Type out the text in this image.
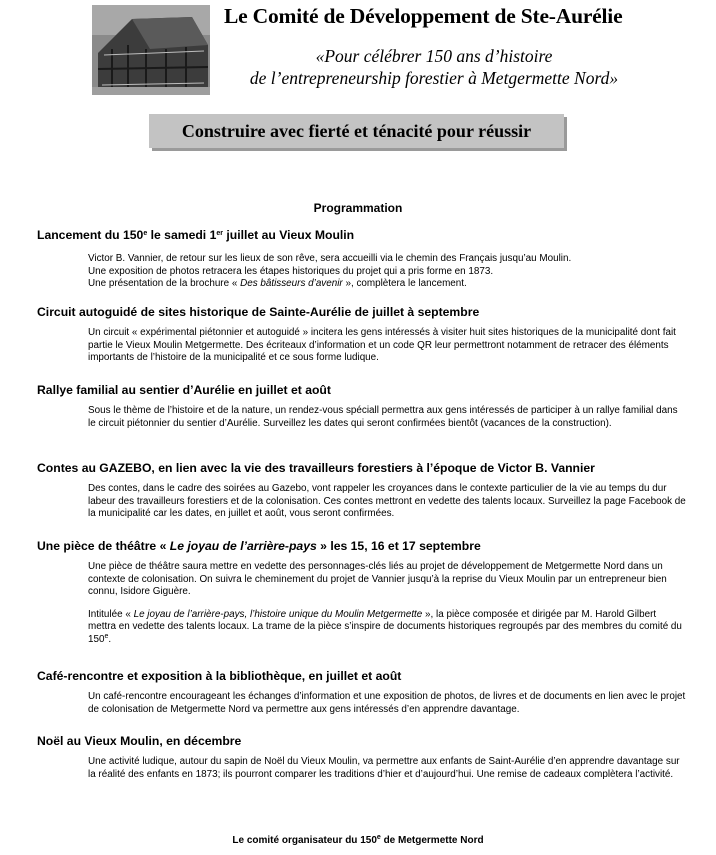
Le Comité de Développement de Ste-Aurélie
«Pour célébrer 150 ans d’histoire
de l’entrepreneurship forestier à Metgermette Nord»
Construire avec fierté et ténacité pour réussir
Programmation
Lancement du 150e le samedi 1er juillet au Vieux Moulin
Victor B. Vannier, de retour sur les lieux de son rêve, sera accueilli via le chemin des Français jusqu’au Moulin.
Une exposition de photos retracera les étapes historiques du projet qui a pris forme en 1873.
Une présentation de la brochure « Des bâtisseurs d’avenir », complètera le lancement.
Circuit autoguidé de sites historique de Sainte-Aurélie de juillet à septembre
Un circuit « expérimental piétonnier et autoguidé » incitera les gens intéressés à visiter huit sites historiques de la municipalité dont fait partie le Vieux Moulin Metgermette. Des écriteaux d’information et un code QR leur permettront notamment de retracer des éléments importants de l’histoire de la municipalité et ce sous forme ludique.
Rallye familial au sentier d’Aurélie en juillet et août
Sous le thème de l’histoire et de la nature, un rendez-vous spéciall permettra aux gens intéressés de participer à un rallye familial dans le circuit piétonnier du sentier d’Aurélie. Surveillez les dates qui seront confirmées bientôt (vacances de la construction).
Contes au GAZEBO, en lien avec la vie des travailleurs forestiers à l’époque de Victor B. Vannier
Des contes, dans le cadre des soirées au Gazebo, vont rappeler les croyances dans le contexte particulier de la vie au temps du dur labeur des travailleurs forestiers et de la colonisation. Ces contes mettront en vedette des talents locaux. Surveillez la page Facebook de la municipalité car les dates, en juillet et août, vous seront confirmées.
Une pièce de théâtre « Le joyau de l’arrière-pays » les 15, 16 et 17 septembre
Une pièce de théâtre saura mettre en vedette des personnages-clés liés au projet de développement de Metgermette Nord dans un contexte de colonisation. On suivra le cheminement du projet de Vannier jusqu’à la reprise du Vieux Moulin par un entrepreneur bien connu, Isidore Giguère.
Intitulée « Le joyau de l’arrière-pays, l’histoire unique du Moulin Metgermette », la pièce composée et dirigée par M. Harold Gilbert mettra en vedette des talents locaux. La trame de la pièce s’inspire de documents historiques regroupés par des membres du comité du 150e.
Café-rencontre et exposition à la bibliothèque, en juillet et août
Un café-rencontre encourageant les échanges d’information et une exposition de photos, de livres et de documents en lien avec le projet de colonisation de Metgermette Nord va permettre aux gens intéressés d’en apprendre davantage.
Noël au Vieux Moulin, en décembre
Une activité ludique, autour du sapin de Noël du Vieux Moulin, va permettre aux enfants de Saint-Aurélie d’en apprendre davantage sur la réalité des enfants en 1873; ils pourront comparer les traditions d’hier et d’aujourd’hui. Une remise de cadeaux complètera l’activité.
Le comité organisateur du 150e de Metgermette Nord
